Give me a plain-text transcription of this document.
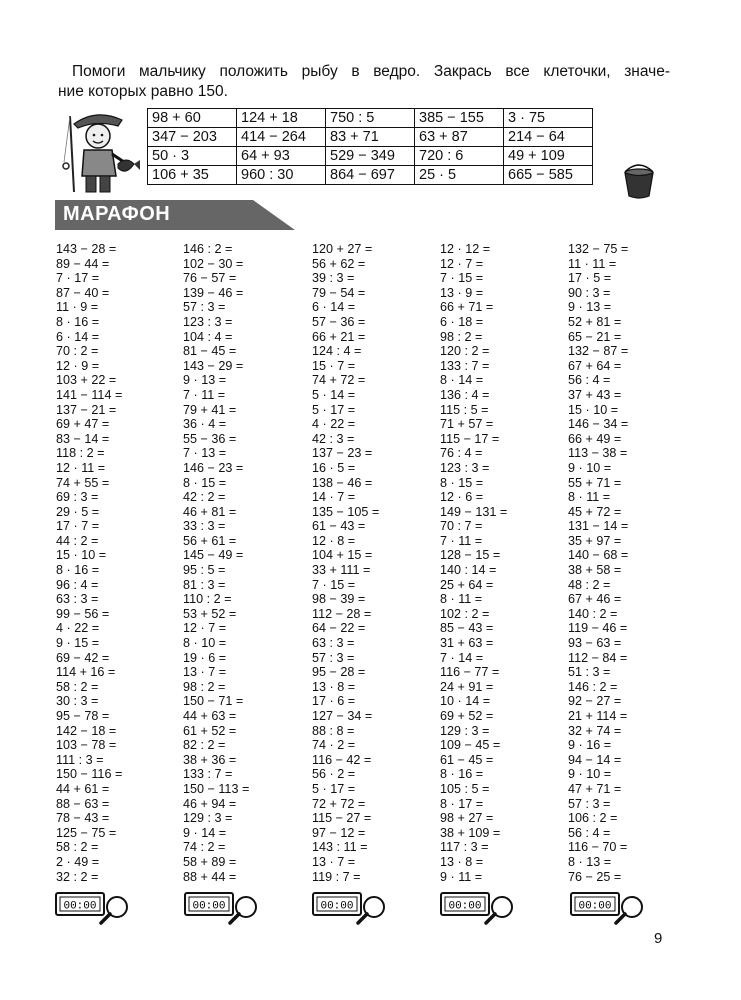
Помоги мальчику положить рыбу в ведро. Закрась все клеточки, значе-
ние которых равно 150.
98 + 60	124 + 18	750 : 5	385 − 155	3 · 75
347 − 203	414 − 264	83 + 71	63 + 87	214 − 64
50 · 3	64 + 93	529 − 349	720 : 6	49 + 109
106 + 35	960 : 30	864 − 697	25 · 5	665 − 585
МАРАФОН
143 − 28 =
89 − 44 =
7 · 17 =
87 − 40 =
11 · 9 =
8 · 16 =
6 · 14 =
70 : 2 =
12 · 9 =
103 + 22 =
141 − 114 =
137 − 21 =
69 + 47 =
83 − 14 =
118 : 2 =
12 · 11 =
74 + 55 =
69 : 3 =
29 · 5 =
17 · 7 =
44 : 2 =
15 · 10 =
8 · 16 =
96 : 4 =
63 : 3 =
99 − 56 =
4 · 22 =
9 · 15 =
69 − 42 =
114 + 16 =
58 : 2 =
30 : 3 =
95 − 78 =
142 − 18 =
103 − 78 =
111 : 3 =
150 − 116 =
44 + 61 =
88 − 63 =
78 − 43 =
125 − 75 =
58 : 2 =
2 · 49 =
32 : 2 =
146 : 2 =
102 − 30 =
76 − 57 =
139 − 46 =
57 : 3 =
123 : 3 =
104 : 4 =
81 − 45 =
143 − 29 =
9 · 13 =
7 · 11 =
79 + 41 =
36 · 4 =
55 − 36 =
7 · 13 =
146 − 23 =
8 · 15 =
42 : 2 =
46 + 81 =
33 : 3 =
56 + 61 =
145 − 49 =
95 : 5 =
81 : 3 =
110 : 2 =
53 + 52 =
12 · 7 =
8 · 10 =
19 · 6 =
13 · 7 =
98 : 2 =
150 − 71 =
44 + 63 =
61 + 52 =
82 : 2 =
38 + 36 =
133 : 7 =
150 − 113 =
46 + 94 =
129 : 3 =
9 · 14 =
74 : 2 =
58 + 89 =
88 + 44 =
120 + 27 =
56 + 62 =
39 : 3 =
79 − 54 =
6 · 14 =
57 − 36 =
66 + 21 =
124 : 4 =
15 · 7 =
74 + 72 =
5 · 14 =
5 · 17 =
4 · 22 =
42 : 3 =
137 − 23 =
16 · 5 =
138 − 46 =
14 · 7 =
135 − 105 =
61 − 43 =
12 · 8 =
104 + 15 =
33 + 111 =
7 · 15 =
98 − 39 =
112 − 28 =
64 − 22 =
63 : 3 =
57 : 3 =
95 − 28 =
13 · 8 =
17 · 6 =
127 − 34 =
88 : 8 =
74 · 2 =
116 − 42 =
56 · 2 =
5 · 17 =
72 + 72 =
115 − 27 =
97 − 12 =
143 : 11 =
13 · 7 =
119 : 7 =
12 · 12 =
12 · 7 =
7 · 15 =
13 · 9 =
66 + 71 =
6 · 18 =
98 : 2 =
120 : 2 =
133 : 7 =
8 · 14 =
136 : 4 =
115 : 5 =
71 + 57 =
115 − 17 =
76 : 4 =
123 : 3 =
8 · 15 =
12 · 6 =
149 − 131 =
70 : 7 =
7 · 11 =
128 − 15 =
140 : 14 =
25 + 64 =
8 · 11 =
102 : 2 =
85 − 43 =
31 + 63 =
7 · 14 =
116 − 77 =
24 + 91 =
10 · 14 =
69 + 52 =
129 : 3 =
109 − 45 =
61 − 45 =
8 · 16 =
105 : 5 =
8 · 17 =
98 + 27 =
38 + 109 =
117 : 3 =
13 · 8 =
9 · 11 =
132 − 75 =
11 · 11 =
17 · 5 =
90 : 3 =
9 · 13 =
52 + 81 =
65 − 21 =
132 − 87 =
67 + 64 =
56 : 4 =
37 + 43 =
15 · 10 =
146 − 34 =
66 + 49 =
113 − 38 =
9 · 10 =
55 + 71 =
8 · 11 =
45 + 72 =
131 − 14 =
35 + 97 =
140 − 68 =
38 + 58 =
48 : 2 =
67 + 46 =
140 : 2 =
119 − 46 =
93 − 63 =
112 − 84 =
51 : 3 =
146 : 2 =
92 − 27 =
21 + 114 =
32 + 74 =
9 · 16 =
94 − 14 =
9 · 10 =
47 + 71 =
57 : 3 =
106 : 2 =
56 : 4 =
116 − 70 =
8 · 13 =
76 − 25 =
00:00	00:00	00:00	00:00	00:00
9
